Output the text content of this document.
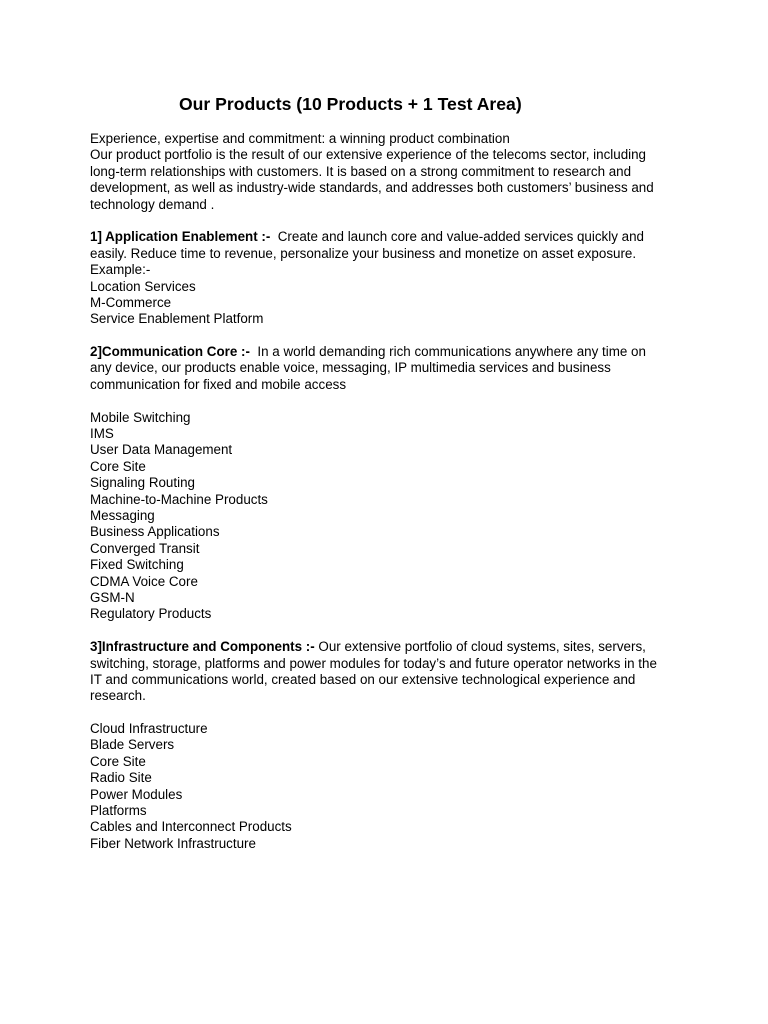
Our Products (10 Products + 1 Test Area)
Experience, expertise and commitment: a winning product combination
Our product portfolio is the result of our extensive experience of the telecoms sector, including
long-term relationships with customers. It is based on a strong commitment to research and
development, as well as industry-wide standards, and addresses both customers’ business and
technology demand .
1] Application Enablement :-  Create and launch core and value-added services quickly and
easily. Reduce time to revenue, personalize your business and monetize on asset exposure.
Example:-
Location Services
M-Commerce
Service Enablement Platform
2]Communication Core :-  In a world demanding rich communications anywhere any time on
any device, our products enable voice, messaging, IP multimedia services and business
communication for fixed and mobile access
Mobile Switching
IMS
User Data Management
Core Site
Signaling Routing
Machine-to-Machine Products
Messaging
Business Applications
Converged Transit
Fixed Switching
CDMA Voice Core
GSM-N
Regulatory Products
3]Infrastructure and Components :- Our extensive portfolio of cloud systems, sites, servers,
switching, storage, platforms and power modules for today’s and future operator networks in the
IT and communications world, created based on our extensive technological experience and
research.
Cloud Infrastructure
Blade Servers
Core Site
Radio Site
Power Modules
Platforms
Cables and Interconnect Products
Fiber Network Infrastructure
